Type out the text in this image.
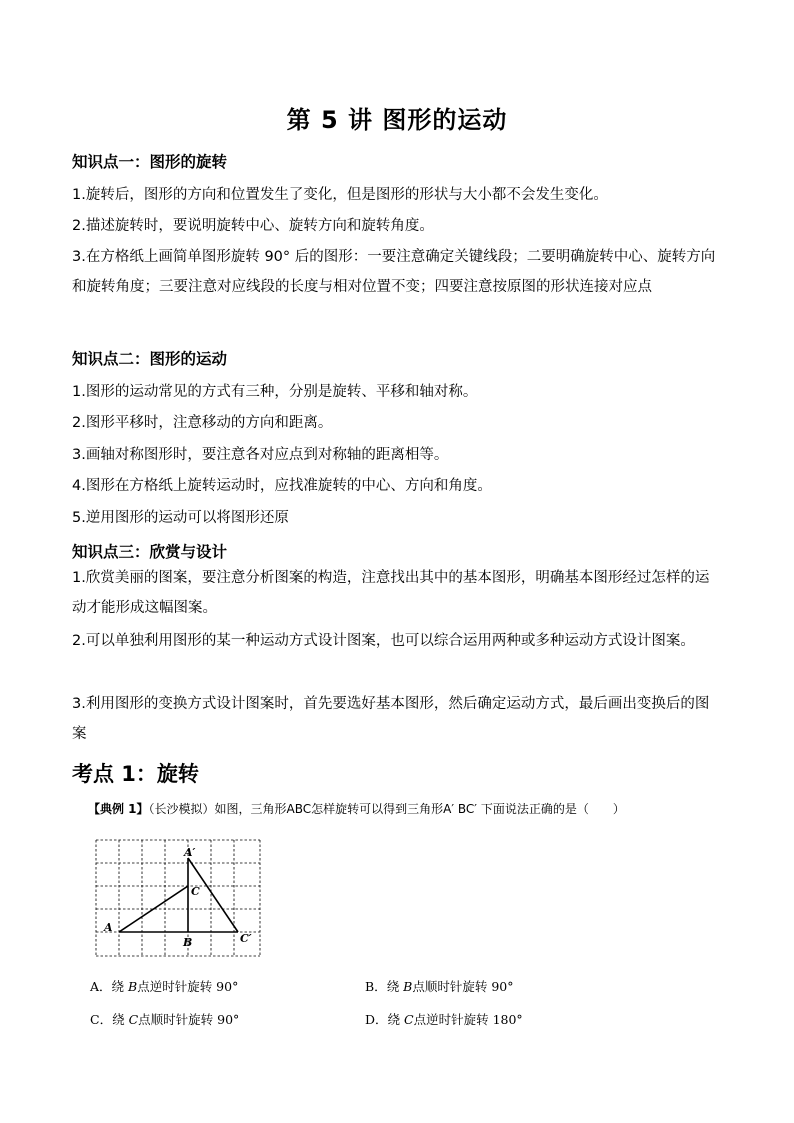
第 5 讲 图形的运动
知识点一：图形的旋转
1.旋转后，图形的方向和位置发生了变化，但是图形的形状与大小都不会发生变化。
2.描述旋转时，要说明旋转中心、旋转方向和旋转角度。
3.在方格纸上画简单图形旋转 90° 后的图形：一要注意确定关键线段；二要明确旋转中心、旋转方向和旋转角度；三要注意对应线段的长度与相对位置不变；四要注意按原图的形状连接对应点
知识点二：图形的运动
1.图形的运动常见的方式有三种，分别是旋转、平移和轴对称。
2.图形平移时，注意移动的方向和距离。
3.画轴对称图形时，要注意各对应点到对称轴的距离相等。
4.图形在方格纸上旋转运动时，应找准旋转的中心、方向和角度。
5.逆用图形的运动可以将图形还原
知识点三：欣赏与设计
1.欣赏美丽的图案，要注意分析图案的构造，注意找出其中的基本图形，明确基本图形经过怎样的运动才能形成这幅图案。
2.可以单独利用图形的某一种运动方式设计图案，也可以综合运用两种或多种运动方式设计图案。
3.利用图形的变换方式设计图案时，首先要选好基本图形，然后确定运动方式，最后画出变换后的图案
考点 1：旋转
【典例 1】（长沙模拟）如图，三角形ABC怎样旋转可以得到三角形A′ BC′ 下面说法正确的是（　　）
A′
C
A
B	C′
A．绕 B点逆时针旋转 90°	B．绕 B点顺时针旋转 90°
C．绕 C点顺时针旋转 90°	D．绕 C点逆时针旋转 180°
